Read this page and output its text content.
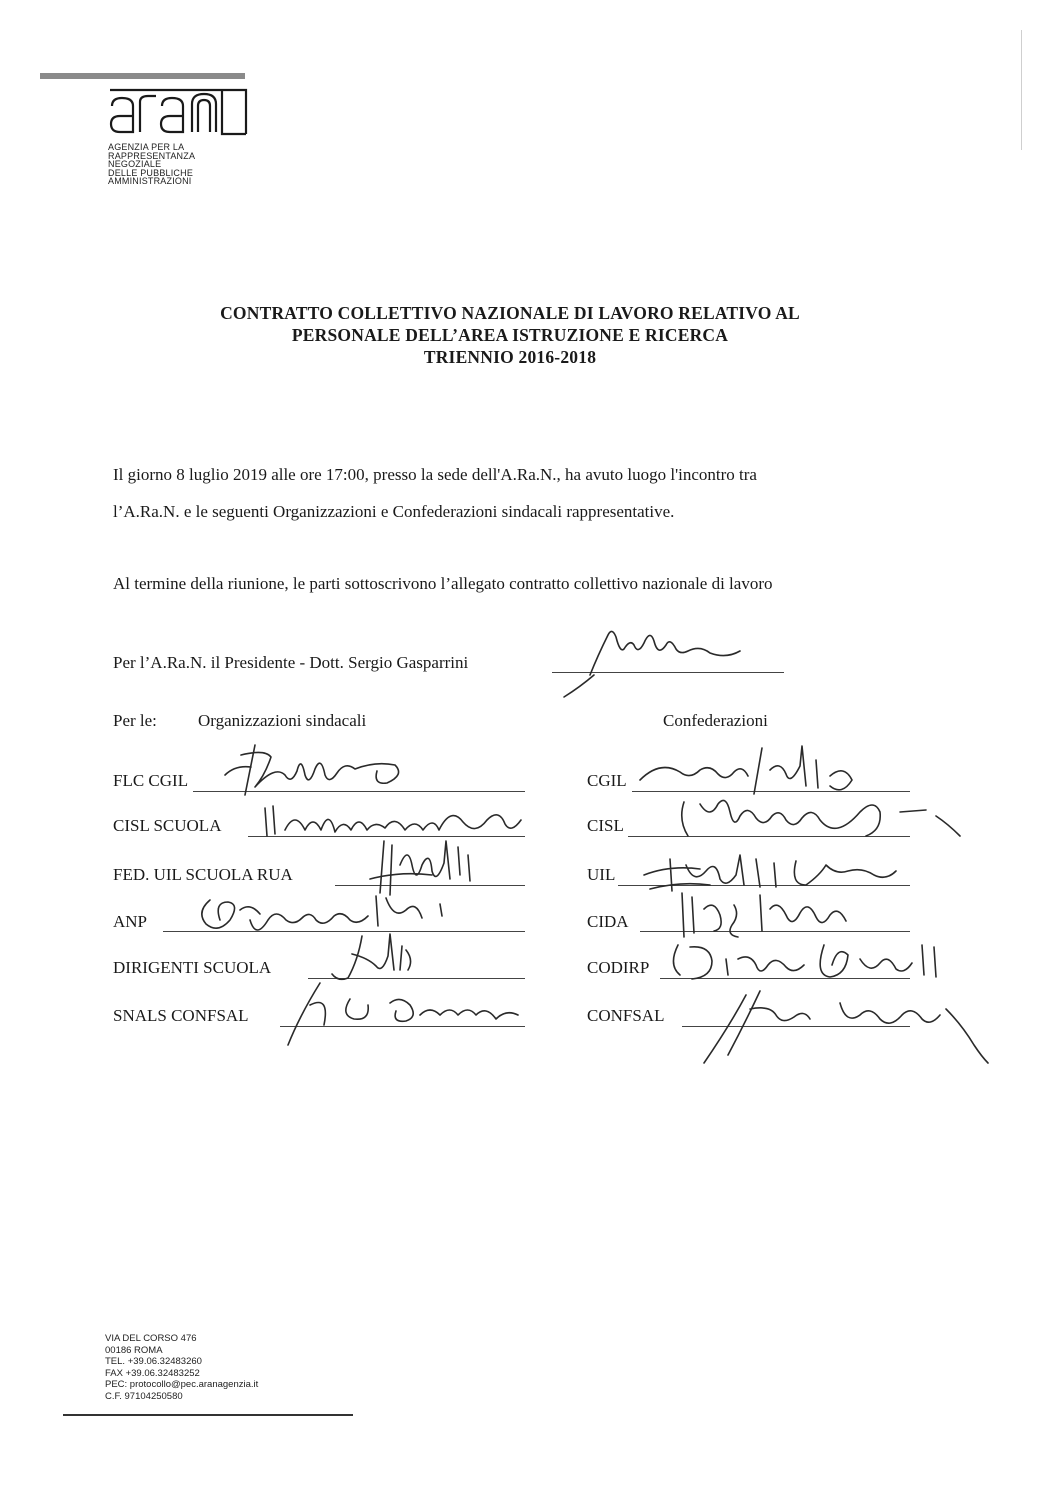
AGENZIA PER LA
RAPPRESENTANZA
NEGOZIALE
DELLE PUBBLICHE
AMMINISTRAZIONI
CONTRATTO COLLETTIVO NAZIONALE DI LAVORO RELATIVO AL
PERSONALE DELL’AREA ISTRUZIONE E RICERCA
TRIENNIO 2016-2018
Il giorno 8 luglio 2019 alle ore 17:00, presso la sede dell'A.Ra.N., ha avuto luogo l'incontro tra
l’A.Ra.N. e le seguenti Organizzazioni e Confederazioni sindacali rappresentative.
Al termine della riunione, le parti sottoscrivono l’allegato contratto collettivo nazionale di lavoro
Per l’A.Ra.N. il Presidente - Dott. Sergio Gasparrini
Per le: Organizzazioni sindacali	Confederazioni
FLC CGIL
CISL SCUOLA
FED. UIL SCUOLA RUA
ANP
DIRIGENTI SCUOLA
SNALS CONFSAL
CGIL
CISL
UIL
CIDA
CODIRP
CONFSAL
VIA DEL CORSO 476
00186 ROMA
TEL. +39.06.32483260
FAX +39.06.32483252
PEC: protocollo@pec.aranagenzia.it
C.F. 97104250580
